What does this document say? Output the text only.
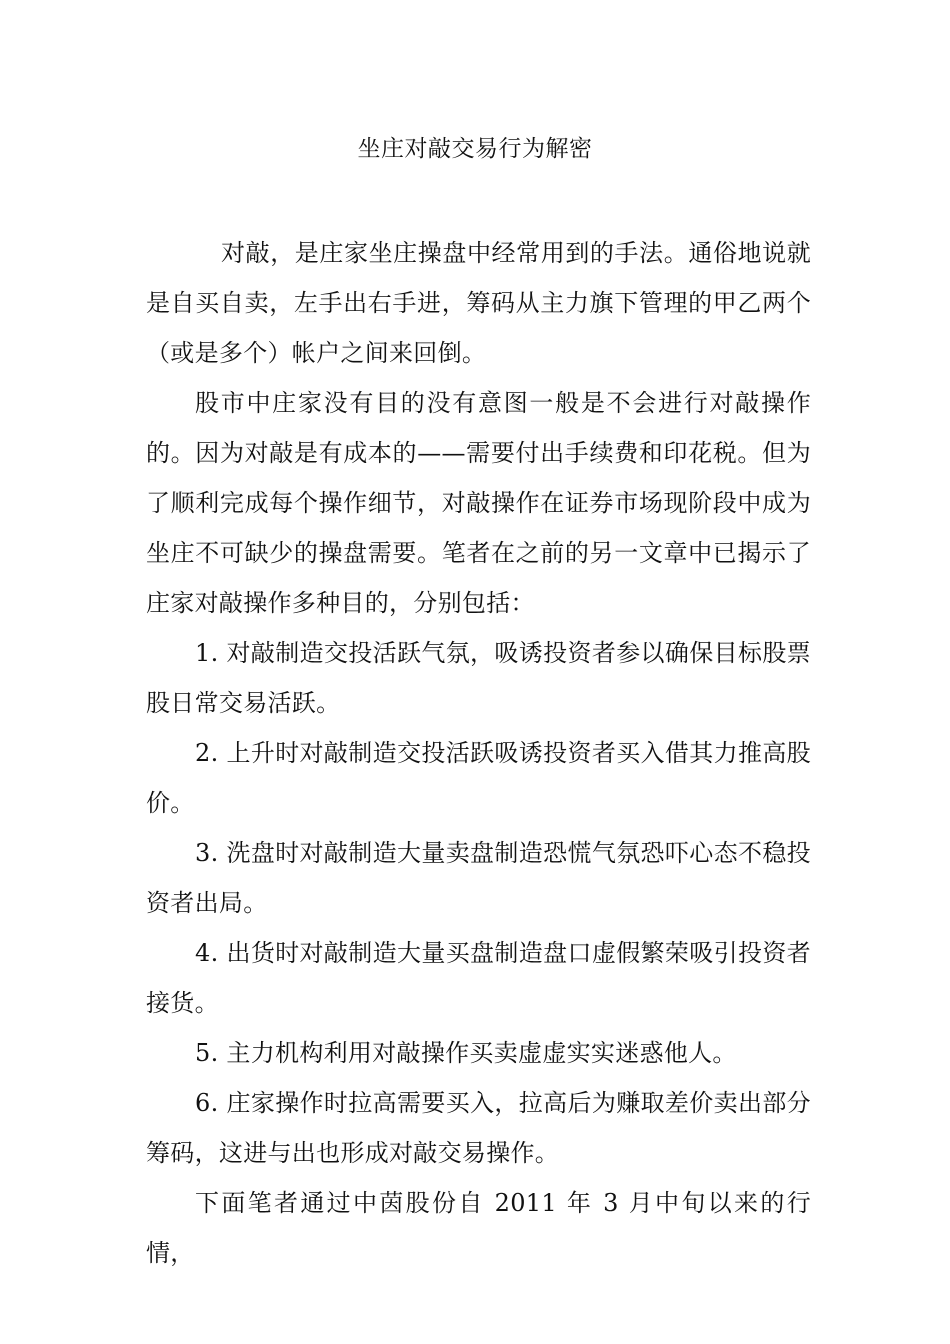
坐庄对敲交易行为解密

对敲，是庄家坐庄操盘中经常用到的手法。通俗地说就是自买自卖，左手出右手进，筹码从主力旗下管理的甲乙两个（或是多个）帐户之间来回倒。

股市中庄家没有目的没有意图一般是不会进行对敲操作的。因为对敲是有成本的——需要付出手续费和印花税。但为了顺利完成每个操作细节，对敲操作在证券市场现阶段中成为坐庄不可缺少的操盘需要。笔者在之前的另一文章中已揭示了庄家对敲操作多种目的，分别包括：

1. 对敲制造交投活跃气氛，吸诱投资者参以确保目标股票股日常交易活跃。

2. 上升时对敲制造交投活跃吸诱投资者买入借其力推高股价。

3. 洗盘时对敲制造大量卖盘制造恐慌气氛恐吓心态不稳投资者出局。

4. 出货时对敲制造大量买盘制造盘口虚假繁荣吸引投资者接货。

5. 主力机构利用对敲操作买卖虚虚实实迷惑他人。

6. 庄家操作时拉高需要买入，拉高后为赚取差价卖出部分筹码，这进与出也形成对敲交易操作。

下面笔者通过中茵股份自 2011 年 3 月中旬以来的行情，
